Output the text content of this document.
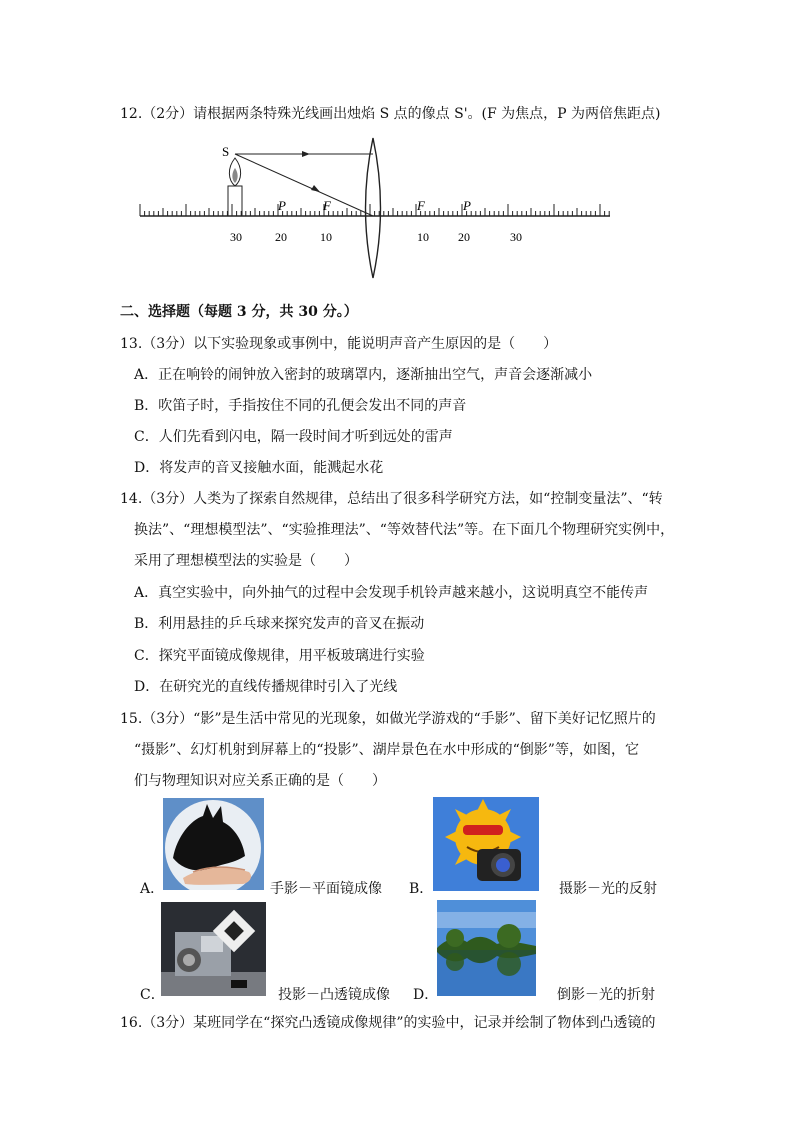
12.（2分）请根据两条特殊光线画出烛焰 S 点的像点 S'。(F 为焦点，P 为两倍焦距点)
S
P	F	F	P
30	20	10	10 20	30
二、选择题（每题 3 分，共 30 分。）
13.（3分）以下实验现象或事例中，能说明声音产生原因的是（　　）
A．正在响铃的闹钟放入密封的玻璃罩内，逐渐抽出空气，声音会逐渐减小
B．吹笛子时，手指按住不同的孔便会发出不同的声音
C．人们先看到闪电，隔一段时间才听到远处的雷声
D．将发声的音叉接触水面，能溅起水花
14.（3分）人类为了探索自然规律，总结出了很多科学研究方法，如“控制变量法”、“转
换法”、“理想模型法”、“实验推理法”、“等效替代法”等。在下面几个物理研究实例中，
采用了理想模型法的实验是（　　）
A．真空实验中，向外抽气的过程中会发现手机铃声越来越小，这说明真空不能传声
B．利用悬挂的乒乓球来探究发声的音叉在振动
C．探究平面镜成像规律，用平板玻璃进行实验
D．在研究光的直线传播规律时引入了光线
15.（3分）“影”是生活中常见的光现象，如做光学游戏的“手影”、留下美好记忆照片的
“摄影”、幻灯机射到屏幕上的“投影”、湖岸景色在水中形成的“倒影”等，如图，它
们与物理知识对应关系正确的是（　　）
A．	手影－平面镜成像 B．	摄影－光的反射
C．	投影－凸透镜成像 D．	倒影－光的折射
16.（3分）某班同学在“探究凸透镜成像规律”的实验中，记录并绘制了物体到凸透镜的
